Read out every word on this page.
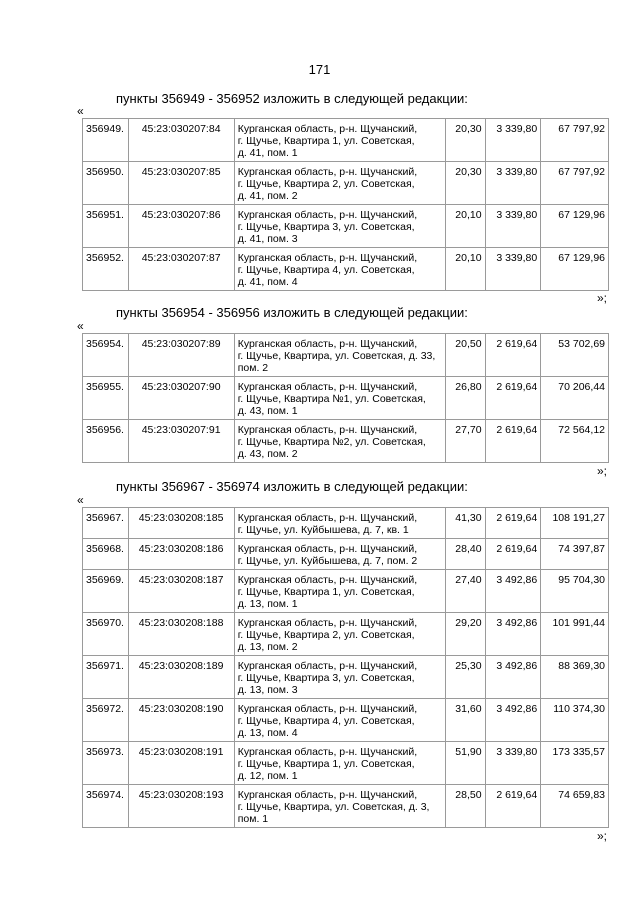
171
пункты 356949 - 356952 изложить в следующей редакции:
«
356949.	45:23:030207:84	Курганская область, р-н. Щучанский,
г. Щучье, Квартира 1, ул. Советская,
д. 41, пом. 1	20,30	3 339,80	67 797,92
356950.	45:23:030207:85	Курганская область, р-н. Щучанский,
г. Щучье, Квартира 2, ул. Советская,
д. 41, пом. 2	20,30	3 339,80	67 797,92
356951.	45:23:030207:86	Курганская область, р-н. Щучанский,
г. Щучье, Квартира 3, ул. Советская,
д. 41, пом. 3	20,10	3 339,80	67 129,96
356952.	45:23:030207:87	Курганская область, р-н. Щучанский,
г. Щучье, Квартира 4, ул. Советская,
д. 41, пом. 4	20,10	3 339,80	67 129,96
»;
пункты 356954 - 356956 изложить в следующей редакции:
«
356954.	45:23:030207:89	Курганская область, р-н. Щучанский,
г. Щучье, Квартира, ул. Советская, д. 33,
пом. 2	20,50	2 619,64	53 702,69
356955.	45:23:030207:90	Курганская область, р-н. Щучанский,
г. Щучье, Квартира №1, ул. Советская,
д. 43, пом. 1	26,80	2 619,64	70 206,44
356956.	45:23:030207:91	Курганская область, р-н. Щучанский,
г. Щучье, Квартира №2, ул. Советская,
д. 43, пом. 2	27,70	2 619,64	72 564,12
»;
пункты 356967 - 356974 изложить в следующей редакции:
«
356967.	45:23:030208:185	Курганская область, р-н. Щучанский,
г. Щучье, ул. Куйбышева, д. 7, кв. 1	41,30	2 619,64	108 191,27
356968.	45:23:030208:186	Курганская область, р-н. Щучанский,
г. Щучье, ул. Куйбышева, д. 7, пом. 2	28,40	2 619,64	74 397,87
356969.	45:23:030208:187	Курганская область, р-н. Щучанский,
г. Щучье, Квартира 1, ул. Советская,
д. 13, пом. 1	27,40	3 492,86	95 704,30
356970.	45:23:030208:188	Курганская область, р-н. Щучанский,
г. Щучье, Квартира 2, ул. Советская,
д. 13, пом. 2	29,20	3 492,86	101 991,44
356971.	45:23:030208:189	Курганская область, р-н. Щучанский,
г. Щучье, Квартира 3, ул. Советская,
д. 13, пом. 3	25,30	3 492,86	88 369,30
356972.	45:23:030208:190	Курганская область, р-н. Щучанский,
г. Щучье, Квартира 4, ул. Советская,
д. 13, пом. 4	31,60	3 492,86	110 374,30
356973.	45:23:030208:191	Курганская область, р-н. Щучанский,
г. Щучье, Квартира 1, ул. Советская,
д. 12, пом. 1	51,90	3 339,80	173 335,57
356974.	45:23:030208:193	Курганская область, р-н. Щучанский,
г. Щучье, Квартира, ул. Советская, д. 3,
пом. 1	28,50	2 619,64	74 659,83
»;
